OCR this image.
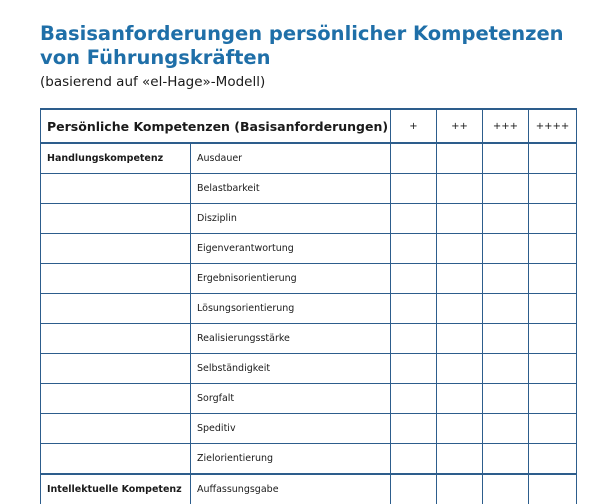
Basisanforderungen persönlicher Kompetenzen von Führungskräften

(basierend auf «el-Hage»-Modell)

Persönliche Kompetenzen (Basisanforderungen)		+	++	+++	++++
Handlungskompetenz	Ausdauer				
	Belastbarkeit				
	Disziplin				
	Eigenverantwortung				
	Ergebnisorientierung				
	Lösungsorientierung				
	Realisierungsstärke				
	Selbständigkeit				
	Sorgfalt				
	Speditiv				
	Zielorientierung				
Intellektuelle Kompetenz	Auffassungsgabe				
